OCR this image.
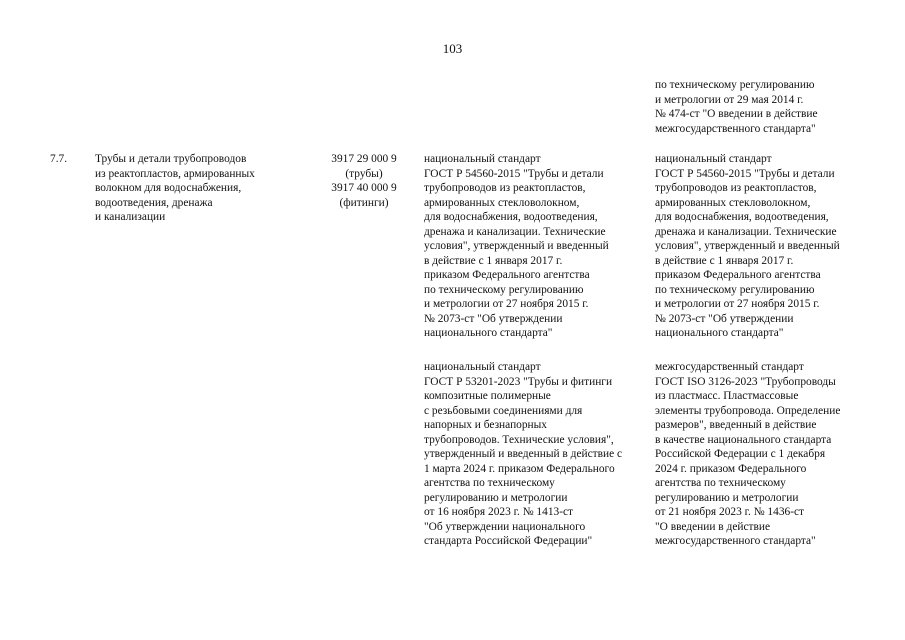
103
по техническому регулированию
и метрологии от 29 мая 2014 г.
№ 474-ст "О введении в действие
межгосударственного стандарта"
7.7. Трубы и детали трубопроводов
из реактопластов, армированных
волокном для водоснабжения,
водоотведения, дренажа
и канализации
3917 29 000 9
(трубы)
3917 40 000 9
(фитинги)
национальный стандарт
ГОСТ Р 54560-2015 "Трубы и детали
трубопроводов из реактопластов,
армированных стекловолокном,
для водоснабжения, водоотведения,
дренажа и канализации. Технические
условия", утвержденный и введенный
в действие с 1 января 2017 г.
приказом Федерального агентства
по техническому регулированию
и метрологии от 27 ноября 2015 г.
№ 2073-ст "Об утверждении
национального стандарта"
национальный стандарт
ГОСТ Р 54560-2015 "Трубы и детали
трубопроводов из реактопластов,
армированных стекловолокном,
для водоснабжения, водоотведения,
дренажа и канализации. Технические
условия", утвержденный и введенный
в действие с 1 января 2017 г.
приказом Федерального агентства
по техническому регулированию
и метрологии от 27 ноября 2015 г.
№ 2073-ст "Об утверждении
национального стандарта"
национальный стандарт
ГОСТ Р 53201-2023 "Трубы и фитинги
композитные полимерные
с резьбовыми соединениями для
напорных и безнапорных
трубопроводов. Технические условия",
утвержденный и введенный в действие с
1 марта 2024 г. приказом Федерального
агентства по техническому
регулированию и метрологии
от 16 ноября 2023 г. № 1413-ст
"Об утверждении национального
стандарта Российской Федерации"
межгосударственный стандарт
ГОСТ ISO 3126-2023 "Трубопроводы
из пластмасс. Пластмассовые
элементы трубопровода. Определение
размеров", введенный в действие
в качестве национального стандарта
Российской Федерации с 1 декабря
2024 г. приказом Федерального
агентства по техническому
регулированию и метрологии
от 21 ноября 2023 г. № 1436-ст
"О введении в действие
межгосударственного стандарта"
